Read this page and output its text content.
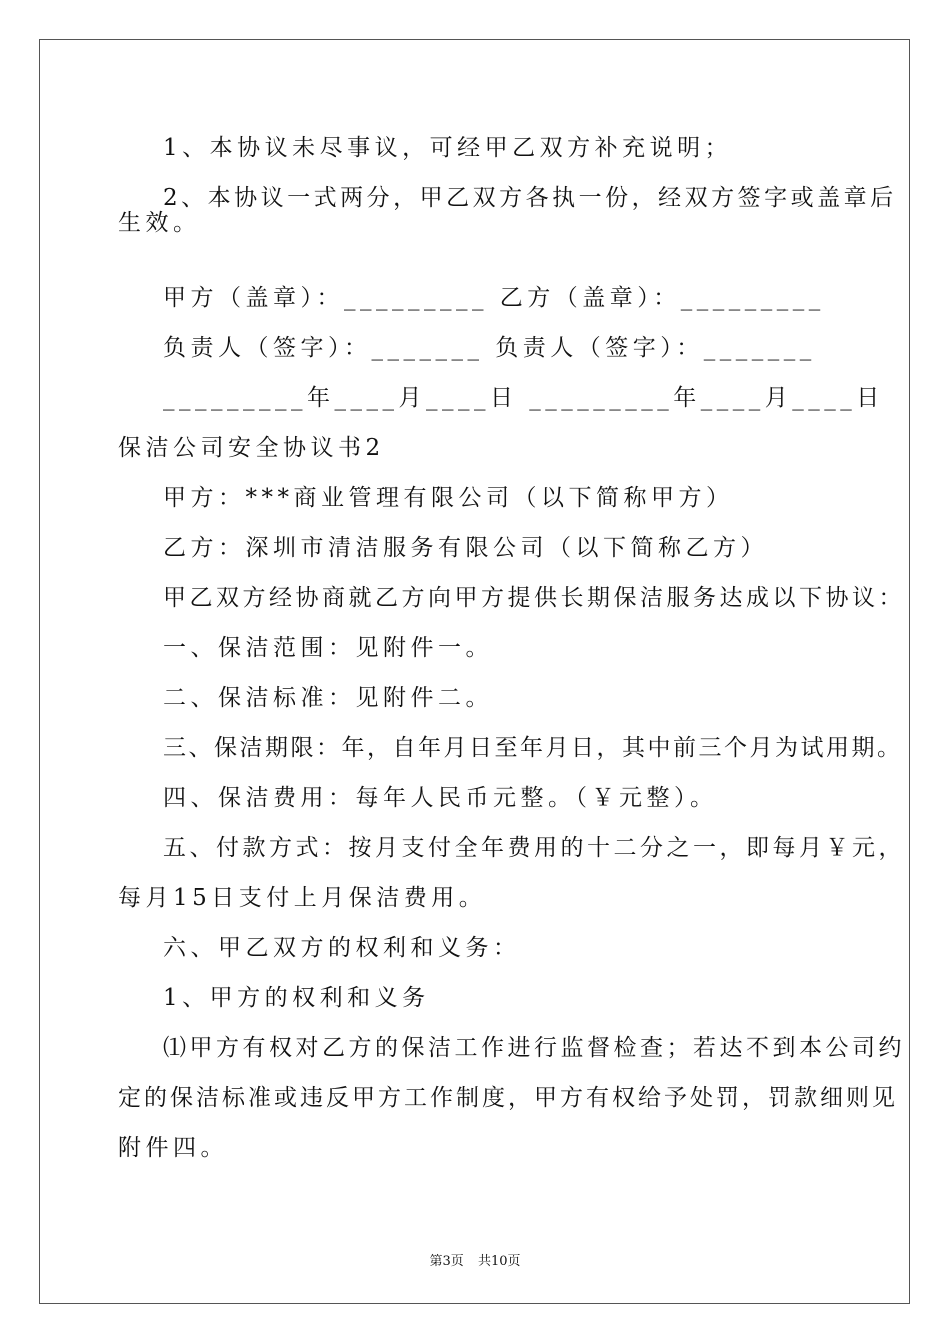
1、本协议未尽事议，可经甲乙双方补充说明；
2、本协议一式两分，甲乙双方各执一份，经双方签字或盖章后
生效。
甲方（盖章）：_________ 乙方（盖章）：_________
负责人（签字）：_______ 负责人（签字）：_______
_________年____月____日 _________年____月____日
保洁公司安全协议书2
甲方：***商业管理有限公司（以下简称甲方）
乙方：深圳市清洁服务有限公司（以下简称乙方）
甲乙双方经协商就乙方向甲方提供长期保洁服务达成以下协议：
一、保洁范围：见附件一。
二、保洁标准：见附件二。
三、保洁期限：年，自年月日至年月日，其中前三个月为试用期。
四、保洁费用：每年人民币元整。（￥元整）。
五、付款方式：按月支付全年费用的十二分之一，即每月￥元，
每月15日支付上月保洁费用。
六、甲乙双方的权利和义务：
1、甲方的权利和义务
⑴甲方有权对乙方的保洁工作进行监督检查；若达不到本公司约
定的保洁标准或违反甲方工作制度，甲方有权给予处罚，罚款细则见
附件四。
第3页 共10页
